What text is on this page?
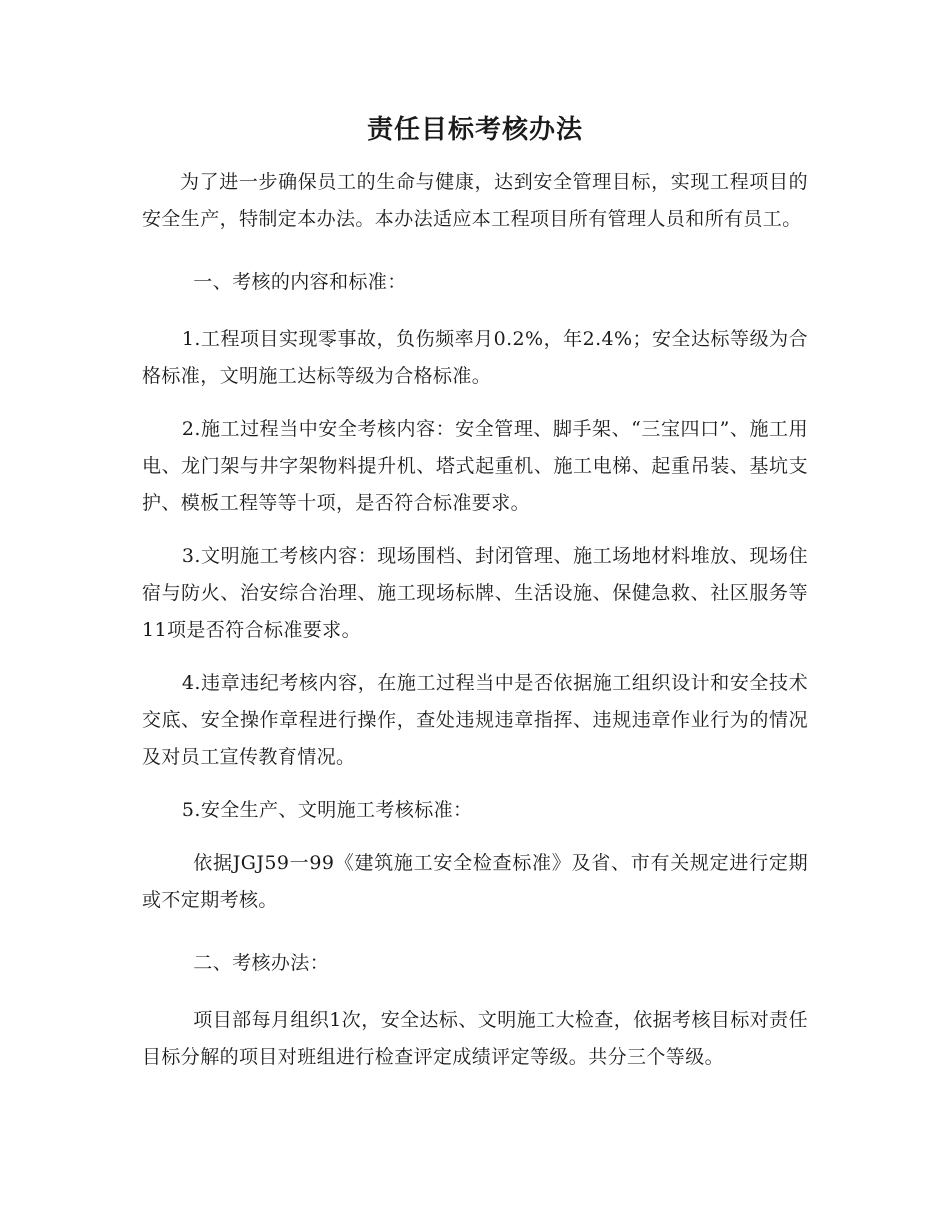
责任目标考核办法

为了进一步确保员工的生命与健康，达到安全管理目标，实现工程项目的安全生产，特制定本办法。本办法适应本工程项目所有管理人员和所有员工。

一、考核的内容和标准：

1.工程项目实现零事故，负伤频率月0.2%，年2.4%；安全达标等级为合格标准，文明施工达标等级为合格标准。

2.施工过程当中安全考核内容：安全管理、脚手架、“三宝四口”、施工用电、龙门架与井字架物料提升机、塔式起重机、施工电梯、起重吊装、基坑支护、模板工程等等十项，是否符合标准要求。

3.文明施工考核内容：现场围档、封闭管理、施工场地材料堆放、现场住宿与防火、治安综合治理、施工现场标牌、生活设施、保健急救、社区服务等11项是否符合标准要求。

4.违章违纪考核内容，在施工过程当中是否依据施工组织设计和安全技术交底、安全操作章程进行操作，查处违规违章指挥、违规违章作业行为的情况及对员工宣传教育情况。

5.安全生产、文明施工考核标准：

依据JGJ59一99《建筑施工安全检查标准》及省、市有关规定进行定期或不定期考核。

二、考核办法：

项目部每月组织1次，安全达标、文明施工大检查，依据考核目标对责任目标分解的项目对班组进行检查评定成绩评定等级。共分三个等级。
